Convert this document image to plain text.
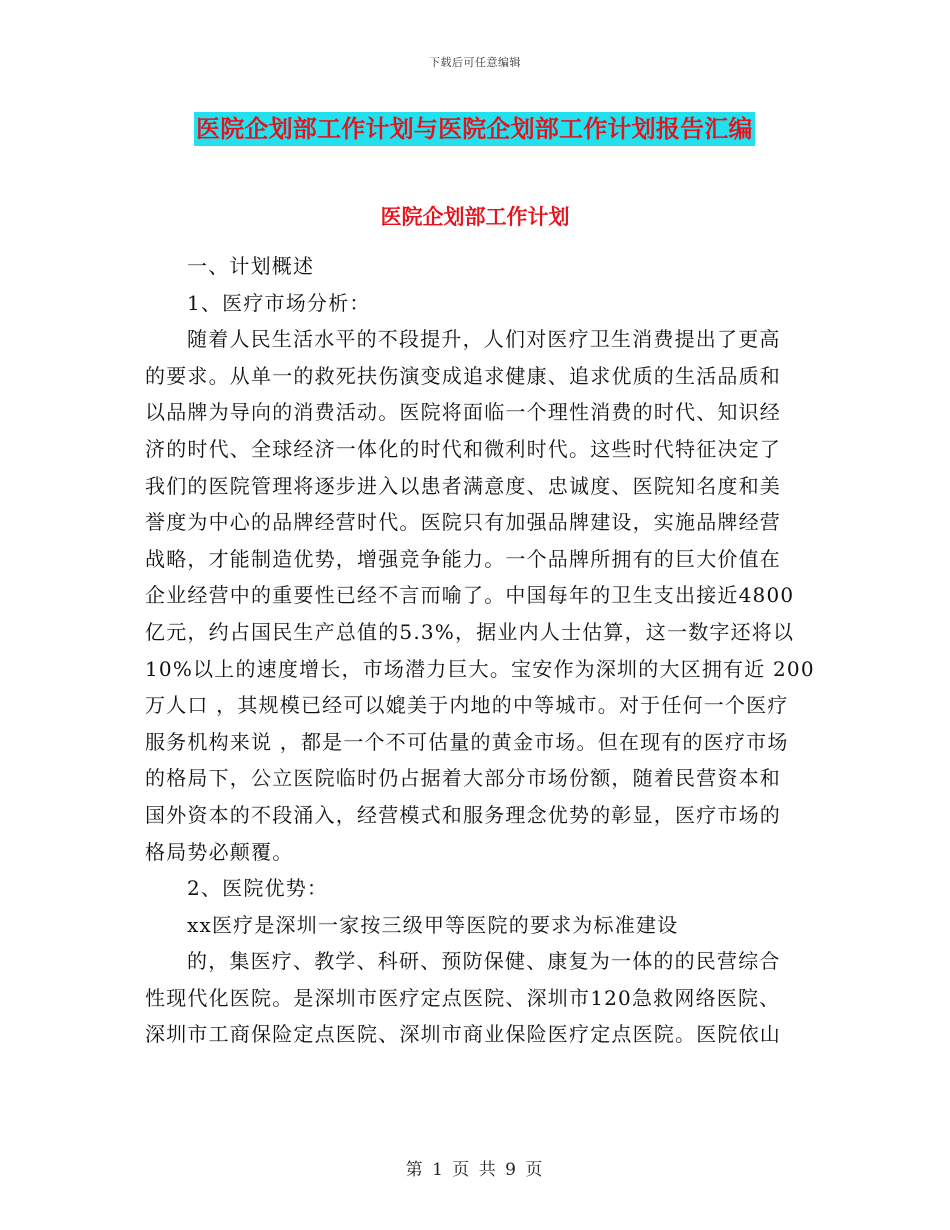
下载后可任意编辑
医院企划部工作计划与医院企划部工作计划报告汇编
医院企划部工作计划
一、计划概述
1、医疗市场分析：
随着人民生活水平的不段提升，人们对医疗卫生消费提出了更高
的要求。从单一的救死扶伤演变成追求健康、追求优质的生活品质和
以品牌为导向的消费活动。医院将面临一个理性消费的时代、知识经
济的时代、全球经济一体化的时代和微利时代。这些时代特征决定了
我们的医院管理将逐步进入以患者满意度、忠诚度、医院知名度和美
誉度为中心的品牌经营时代。医院只有加强品牌建设，实施品牌经营
战略，才能制造优势，增强竞争能力。一个品牌所拥有的巨大价值在
企业经营中的重要性已经不言而喻了。中国每年的卫生支出接近4800
亿元，约占国民生产总值的5.3%，据业内人士估算，这一数字还将以
10%以上的速度增长，市场潜力巨大。宝安作为深圳的大区拥有近 200
万人口 ，其规模已经可以媲美于内地的中等城市。对于任何一个医疗
服务机构来说 ，都是一个不可估量的黄金市场。但在现有的医疗市场
的格局下，公立医院临时仍占据着大部分市场份额，随着民营资本和
国外资本的不段涌入，经营模式和服务理念优势的彰显，医疗市场的
格局势必颠覆。
2、医院优势：
xx医疗是深圳一家按三级甲等医院的要求为标准建设
的，集医疗、教学、科研、预防保健、康复为一体的的民营综合
性现代化医院。是深圳市医疗定点医院、深圳市120急救网络医院、
深圳市工商保险定点医院、深圳市商业保险医疗定点医院。医院依山
第 1 页 共 9 页
